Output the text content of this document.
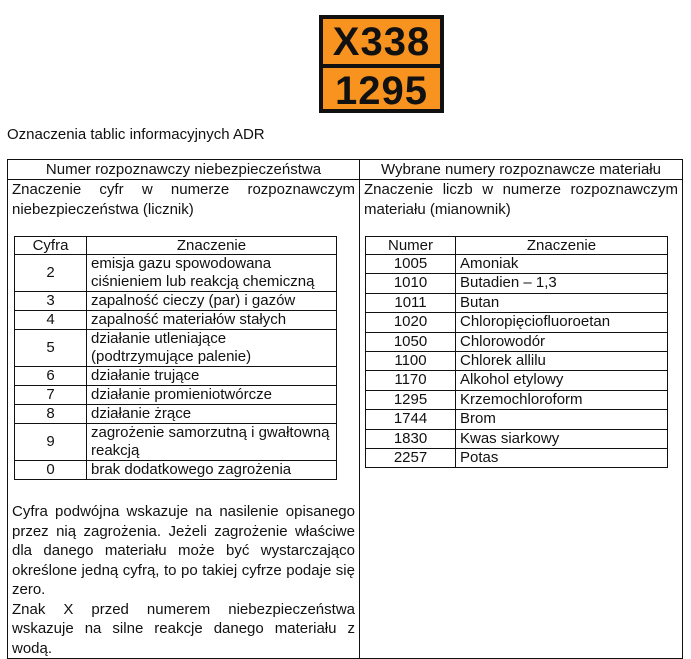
X338
1295
Oznaczenia tablic informacyjnych ADR
Numer rozpoznawczy niebezpieczeństwa
Znaczenie cyfr w numerze rozpoznawczym niebezpieczeństwa (licznik)
Cyfra	Znaczenie
2	emisja gazu spowodowana ciśnieniem lub reakcją chemiczną
3	zapalność cieczy (par) i gazów
4	zapalność materiałów stałych
5	działanie utleniające (podtrzymujące palenie)
6	działanie trujące
7	działanie promieniotwórcze
8	działanie żrące
9	zagrożenie samorzutną i gwałtowną reakcją
0	brak dodatkowego zagrożenia

Cyfra podwójna wskazuje na nasilenie opisanego przez nią zagrożenia. Jeżeli zagrożenie właściwe dla danego materiału może być wystarczająco określone jedną cyfrą, to po takiej cyfrze podaje się zero.

Znak X przed numerem niebezpieczeństwa wskazuje na silne reakcje danego materiału z wodą.

Wybrane numery rozpoznawcze materiału
Znaczenie liczb w numerze rozpoznawczym materiału (mianownik)
Numer	Znaczenie
1005	Amoniak
1010	Butadien – 1,3
1011	Butan
1020	Chloropięciofluoroetan
1050	Chlorowodór
1100	Chlorek allilu
1170	Alkohol etylowy
1295	Krzemochloroform
1744	Brom
1830	Kwas siarkowy
2257	Potas
